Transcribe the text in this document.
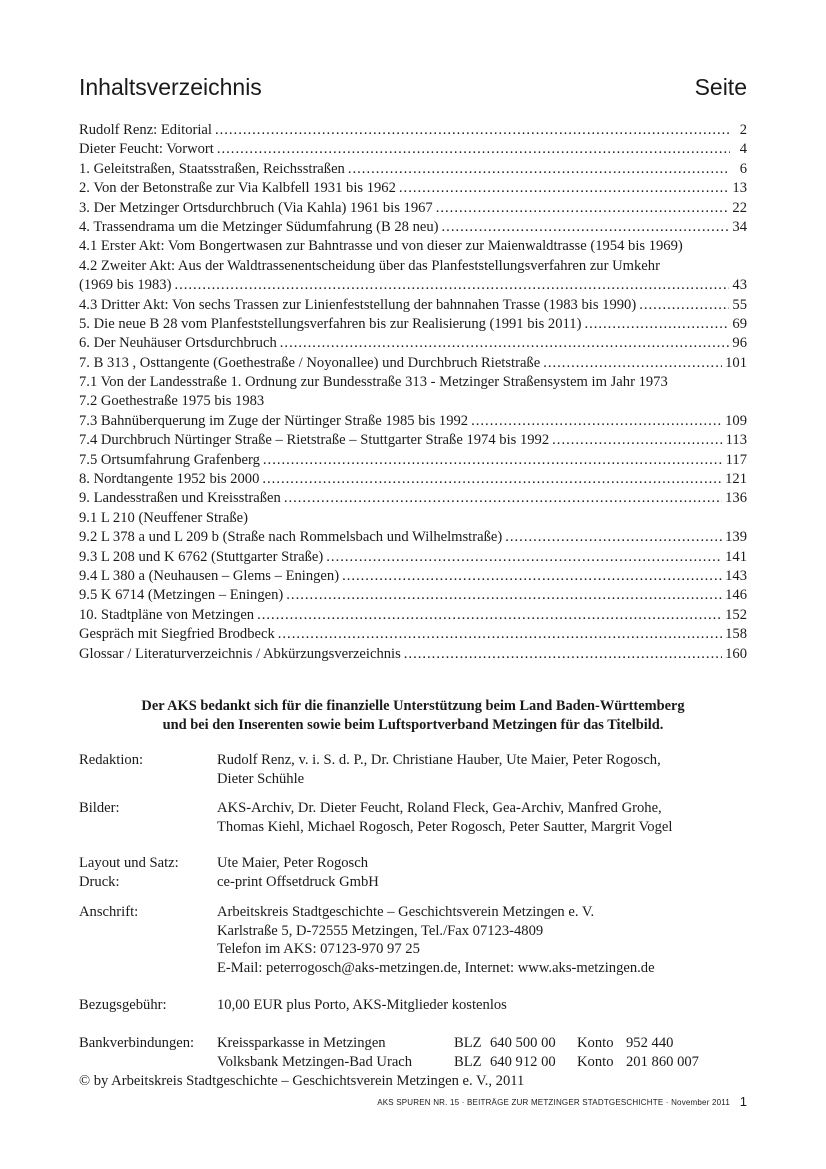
Inhaltsverzeichnis	Seite
Rudolf Renz: Editorial .....	2
Dieter Feucht: Vorwort .....	4
1. Geleitstraßen, Staatsstraßen, Reichsstraßen .....	6
2. Von der Betonstraße zur Via Kalbfell 1931 bis 1962 .....	13
3. Der Metzinger Ortsdurchbruch (Via Kahla) 1961 bis 1967 .....	22
4. Trassendrama um die Metzinger Südumfahrung (B 28 neu) .....	34
4.1 Erster Akt: Vom Bongertwasen zur Bahntrasse und von dieser zur Maienwaldtrasse (1954 bis 1969)
4.2 Zweiter Akt: Aus der Waldtrassenentscheidung über das Planfeststellungsverfahren zur Umkehr
(1969 bis 1983) .....	43
4.3 Dritter Akt: Von sechs Trassen zur Linienfeststellung der bahnnahen Trasse (1983 bis 1990) .....	55
5. Die neue B 28 vom Planfeststellungsverfahren bis zur Realisierung (1991 bis 2011) .....	69
6. Der Neuhäuser Ortsdurchbruch .....	96
7. B 313 , Osttangente (Goethestraße / Noyonallee) und Durchbruch Rietstraße .....	101
7.1 Von der Landesstraße 1. Ordnung zur Bundesstraße 313 - Metzinger Straßensystem im Jahr 1973
7.2 Goethestraße 1975 bis 1983
7.3 Bahnüberquerung im Zuge der Nürtinger Straße 1985 bis 1992 .....	109
7.4 Durchbruch Nürtinger Straße – Rietstraße – Stuttgarter Straße 1974 bis 1992 .....	113
7.5 Ortsumfahrung Grafenberg .....	117
8. Nordtangente 1952 bis 2000 .....	121
9. Landesstraßen und Kreisstraßen .....	136
9.1 L 210 (Neuffener Straße)
9.2 L 378 a und L 209 b (Straße nach Rommelsbach und Wilhelmstraße) .....	139
9.3 L 208 und K 6762 (Stuttgarter Straße) .....	141
9.4 L 380 a (Neuhausen – Glems – Eningen) .....	143
9.5 K 6714 (Metzingen – Eningen) .....	146
10. Stadtpläne von Metzingen .....	152
Gespräch mit Siegfried Brodbeck .....	158
Glossar / Literaturverzeichnis / Abkürzungsverzeichnis .....	160
Der AKS bedankt sich für die finanzielle Unterstützung beim Land Baden-Württemberg
und bei den Inserenten sowie beim Luftsportverband Metzingen für das Titelbild.
Redaktion:	Rudolf Renz, v. i. S. d. P., Dr. Christiane Hauber, Ute Maier, Peter Rogosch,
Dieter Schühle
Bilder:	AKS-Archiv, Dr. Dieter Feucht, Roland Fleck, Gea-Archiv, Manfred Grohe,
Thomas Kiehl, Michael Rogosch, Peter Rogosch, Peter Sautter, Margrit Vogel
Layout und Satz:	Ute Maier, Peter Rogosch
Druck:	ce-print Offsetdruck GmbH
Anschrift:	Arbeitskreis Stadtgeschichte – Geschichtsverein Metzingen e. V.
Karlstraße 5, D-72555 Metzingen, Tel./Fax 07123-4809
Telefon im AKS: 07123-970 97 25
E-Mail: peterrogosch@aks-metzingen.de, Internet: www.aks-metzingen.de
Bezugsgebühr:	10,00 EUR plus Porto, AKS-Mitglieder kostenlos
Bankverbindungen: Kreissparkasse in Metzingen	BLZ 640 500 00 Konto 952 440
Volksbank Metzingen-Bad Urach	BLZ 640 912 00 Konto 201 860 007
© by Arbeitskreis Stadtgeschichte – Geschichtsverein Metzingen e. V., 2011
AKS SPUREN NR. 15 · BEITRÄGE ZUR METZINGER STADTGESCHICHTE · November 2011 1
